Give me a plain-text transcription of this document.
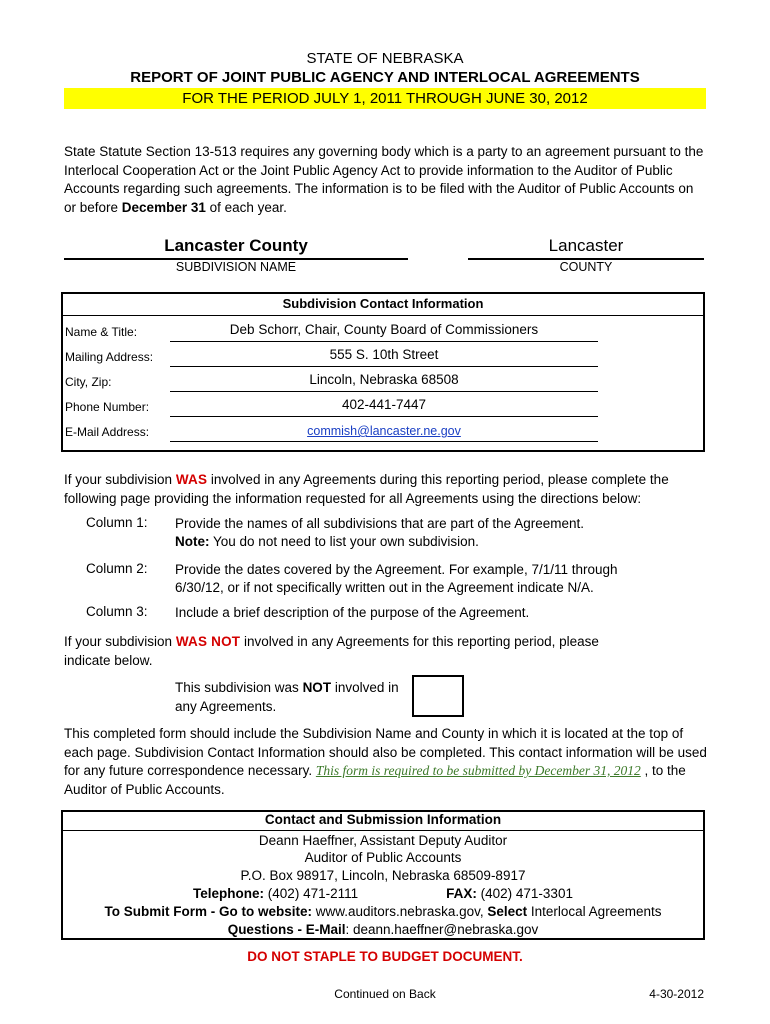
STATE OF NEBRASKA
REPORT OF JOINT PUBLIC AGENCY AND INTERLOCAL AGREEMENTS
FOR THE PERIOD JULY 1, 2011 THROUGH JUNE 30, 2012
State Statute Section 13-513 requires any governing body which is a party to an agreement pursuant to the Interlocal Cooperation Act or the Joint Public Agency Act to provide information to the Auditor of Public Accounts regarding such agreements. The information is to be filed with the Auditor of Public Accounts on or before December 31 of each year.
Lancaster County
SUBDIVISION NAME
Lancaster
COUNTY
Subdivision Contact Information
Name & Title:	Deb Schorr, Chair, County Board of Commissioners
Mailing Address:	555 S. 10th Street
City, Zip:	Lincoln, Nebraska 68508
Phone Number:	402-441-7447
E-Mail Address:	commish@lancaster.ne.gov
If your subdivision WAS involved in any Agreements during this reporting period, please complete the following page providing the information requested for all Agreements using the directions below:
Column 1: Provide the names of all subdivisions that are part of the Agreement.
Note: You do not need to list your own subdivision.
Column 2: Provide the dates covered by the Agreement. For example, 7/1/11 through 6/30/12, or if not specifically written out in the Agreement indicate N/A.
Column 3: Include a brief description of the purpose of the Agreement.
If your subdivision WAS NOT involved in any Agreements for this reporting period, please indicate below.
This subdivision was NOT involved in any Agreements.
This completed form should include the Subdivision Name and County in which it is located at the top of each page. Subdivision Contact Information should also be completed. This contact information will be used for any future correspondence necessary. This form is required to be submitted by December 31, 2012 , to the Auditor of Public Accounts.
Contact and Submission Information
Deann Haeffner, Assistant Deputy Auditor
Auditor of Public Accounts
P.O. Box 98917, Lincoln, Nebraska 68509-8917
Telephone: (402) 471-2111	FAX: (402) 471-3301
To Submit Form - Go to website: www.auditors.nebraska.gov, Select Interlocal Agreements
Questions - E-Mail: deann.haeffner@nebraska.gov
DO NOT STAPLE TO BUDGET DOCUMENT.
Continued on Back	4-30-2012
